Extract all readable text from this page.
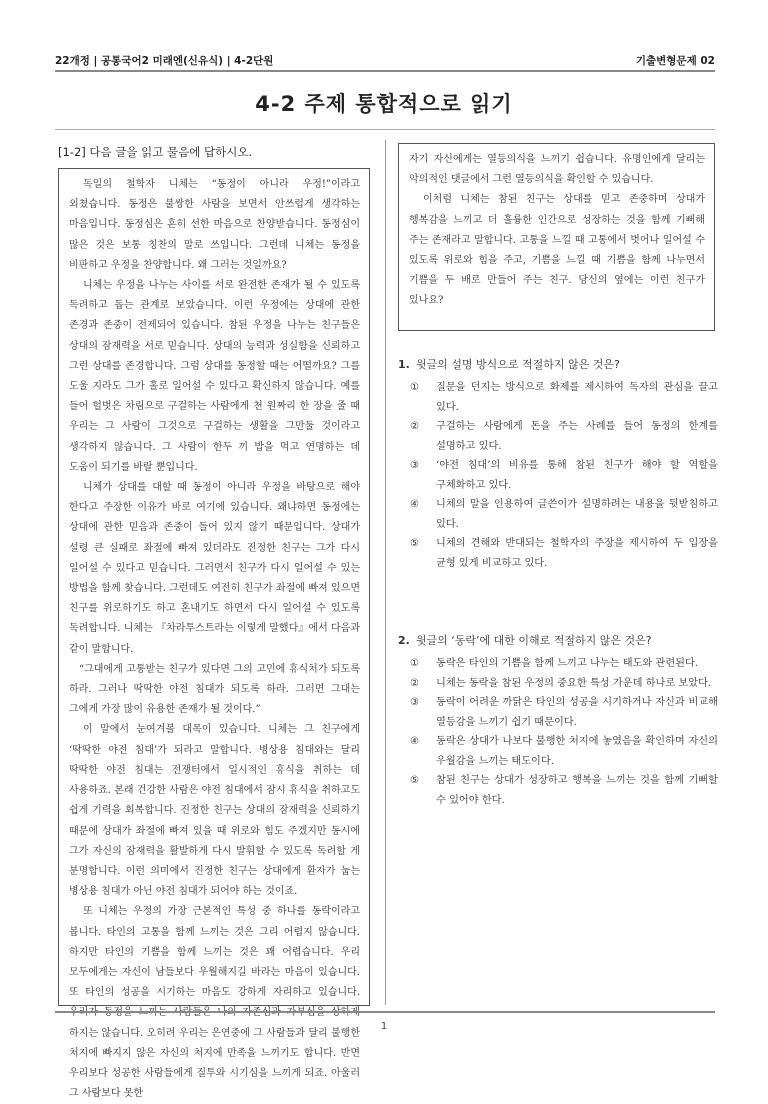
22개정 | 공통국어2 미래엔(신유식) | 4-2단원	기출변형문제 02
4-2 주제 통합적으로 읽기
[1-2] 다음 글을 읽고 물음에 답하시오.

독일의 철학자 니체는 “동정이 아니라 우정!”이라고 외쳤습니다. 동정은 불쌍한 사람을 보면서 안쓰럽게 생각하는 마음입니다. 동정심은 흔히 선한 마음으로 찬양받습니다. 동정심이 많은 것은 보통 칭찬의 말로 쓰입니다. 그런데 니체는 동정을 비판하고 우정을 찬양합니다. 왜 그러는 것일까요?

니체는 우정을 나누는 사이를 서로 완전한 존재가 될 수 있도록 독려하고 돕는 관계로 보았습니다. 이런 우정에는 상대에 관한 존경과 존중이 전제되어 있습니다. 참된 우정을 나누는 친구들은 상대의 잠재력을 서로 믿습니다. 상대의 능력과 성실함을 신뢰하고 그런 상대를 존경합니다. 그럼 상대를 동정할 때는 어떨까요? 그를 도울 지라도 그가 홀로 일어설 수 있다고 확신하지 않습니다. 예를 들어 헐벗은 차림으로 구걸하는 사람에게 천 원짜리 한 장을 줄 때 우리는 그 사람이 그것으로 구걸하는 생활을 그만둘 것이라고 생각하지 않습니다. 그 사람이 한두 끼 밥을 먹고 연명하는 데 도움이 되기를 바랄 뿐입니다.

니체가 상대를 대할 때 동정이 아니라 우정을 바탕으로 해야 한다고 주장한 이유가 바로 여기에 있습니다. 왜냐하면 동정에는 상대에 관한 믿음과 존중이 들어 있지 않기 때문입니다. 상대가 설령 큰 실패로 좌절에 빠져 있더라도 진정한 친구는 그가 다시 일어설 수 있다고 믿습니다. 그러면서 친구가 다시 일어설 수 있는 방법을 함께 찾습니다. 그런데도 여전히 친구가 좌절에 빠져 있으면 친구를 위로하기도 하고 혼내기도 하면서 다시 일어설 수 있도록 독려합니다. 니체는 『차라투스트라는 이렇게 말했다』에서 다음과 같이 말합니다.

“그대에게 고통받는 친구가 있다면 그의 고민에 휴식처가 되도록 하라. 그러나 딱딱한 야전 침대가 되도록 하라. 그러면 그대는 그에게 가장 많이 유용한 존재가 될 것이다.”

이 말에서 눈여겨볼 대목이 있습니다. 니체는 그 친구에게 ‘딱딱한 야전 침대’가 되라고 말합니다. 병상용 침대와는 달리 딱딱한 야전 침대는 전쟁터에서 일시적인 휴식을 취하는 데 사용하죠. 본래 건강한 사람은 야전 침대에서 잠시 휴식을 취하고도 쉽게 기력을 회복합니다. 진정한 친구는 상대의 잠재력을 신뢰하기 때문에 상대가 좌절에 빠져 있을 때 위로와 힘도 주겠지만 동시에 그가 자신의 잠재력을 활발하게 다시 발휘할 수 있도록 독려할 게 분명합니다. 이런 의미에서 진정한 친구는 상대에게 환자가 눕는 병상용 침대가 아닌 야전 침대가 되어야 하는 것이죠.

또 니체는 우정의 가장 근본적인 특성 중 하나를 동락이라고 봅니다. 타인의 고통을 함께 느끼는 것은 그리 어렵지 않습니다. 하지만 타인의 기쁨을 함께 느끼는 것은 꽤 어렵습니다. 우리 모두에게는 자신이 남들보다 우월해지길 바라는 마음이 있습니다. 또 타인의 성공을 시기하는 마음도 강하게 자리하고 있습니다. 하지는 않습니다. 오히려 우리는 은연중에 그 사람들과 달리 불행한 처지에 빠지지 않은 자신의 처지에 만족을 느끼기도 합니다. 반면 우리보다 성공한 사람들에게 질투와 시기심을 느끼게 되죠. 아울러 그 사람보다 못한

자기 자신에게는 열등의식을 느끼기 쉽습니다. 유명인에게 달리는 악의적인 댓글에서 그런 열등의식을 확인할 수 있습니다.

이처럼 니체는 참된 친구는 상대를 믿고 존중하며 상대가 행복감을 느끼고 더 훌륭한 인간으로 성장하는 것을 함께 기뻐해 주는 존재라고 말합니다. 고통을 느낄 때 고통에서 벗어나 일어설 수 있도록 위로와 힘을 주고, 기쁨을 느낄 때 기쁨을 함께 나누면서 기쁨을 두 배로 만들어 주는 친구. 당신의 옆에는 이런 친구가 있나요?

1. 윗글의 설명 방식으로 적절하지 않은 것은?
①	질문을 던지는 방식으로 화제를 제시하여 독자의 관심을 끌고 있다.
②	구걸하는 사람에게 돈을 주는 사례를 들어 동정의 한계를 설명하고 있다.
③	‘야전 침대’의 비유를 통해 참된 친구가 해야 할 역할을 구체화하고 있다.
④	니체의 말을 인용하여 글쓴이가 설명하려는 내용을 뒷받침하고 있다.
⑤	니체의 견해와 반대되는 철학자의 주장을 제시하여 두 입장을 균형 있게 비교하고 있다.
2. 윗글의 ‘동락’에 대한 이해로 적절하지 않은 것은?
①	동락은 타인의 기쁨을 함께 느끼고 나누는 태도와 관련된다.
②	니체는 동락을 참된 우정의 중요한 특성 가운데 하나로 보았다.
③	동락이 어려운 까닭은 타인의 성공을 시기하거나 자신과 비교해 열등감을 느끼기 쉽기 때문이다.
④	동락은 상대가 나보다 불행한 처지에 놓였음을 확인하며 자신의 우월감을 느끼는 태도이다.
⑤	참된 친구는 상대가 성장하고 행복을 느끼는 것을 함께 기뻐할 수 있어야 한다.
1
